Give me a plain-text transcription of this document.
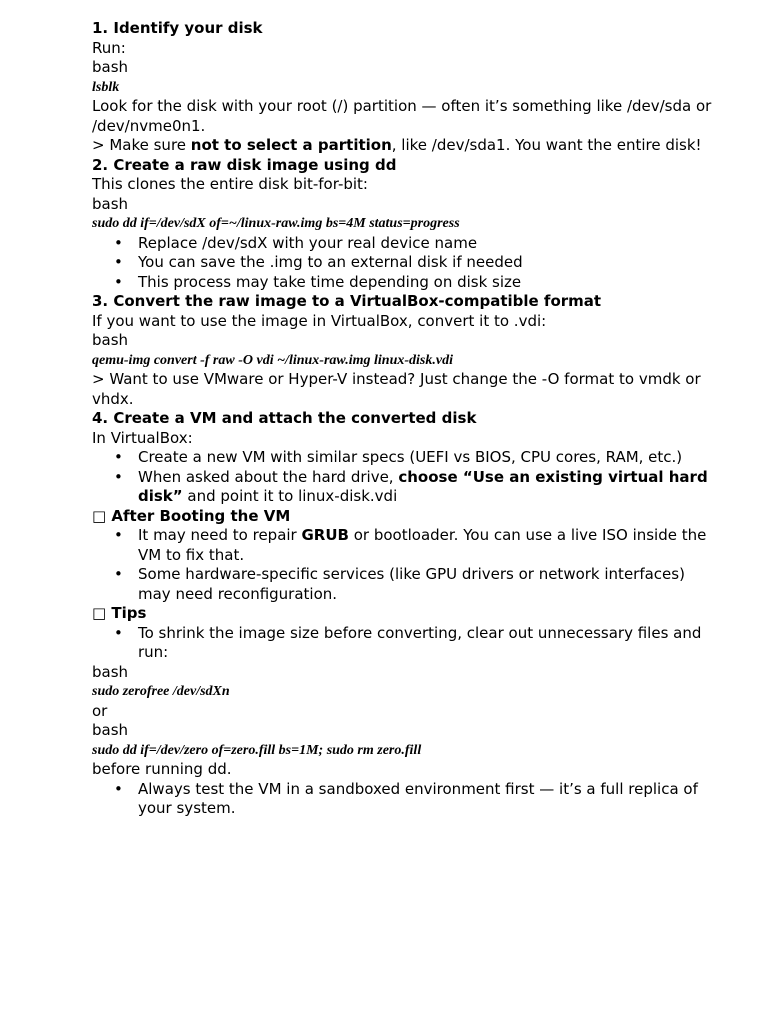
1. Identify your disk

Run:

bash

lsblk

Look for the disk with your root (/) partition — often it’s something like /dev/sda or /dev/nvme0n1.

> Make sure not to select a partition, like /dev/sda1. You want the entire disk!

2. Create a raw disk image using dd

This clones the entire disk bit-for-bit:

bash

sudo dd if=/dev/sdX of=~/linux-raw.img bs=4M status=progress

• Replace /dev/sdX with your real device name
• You can save the .img to an external disk if needed
• This process may take time depending on disk size

3. Convert the raw image to a VirtualBox-compatible format

If you want to use the image in VirtualBox, convert it to .vdi:

bash

qemu-img convert -f raw -O vdi ~/linux-raw.img linux-disk.vdi

> Want to use VMware or Hyper-V instead? Just change the -O format to vmdk or vhdx.

4. Create a VM and attach the converted disk

In VirtualBox:

• Create a new VM with similar specs (UEFI vs BIOS, CPU cores, RAM, etc.)
• When asked about the hard drive, choose “Use an existing virtual hard disk” and point it to linux-disk.vdi

□ After Booting the VM

• It may need to repair GRUB or bootloader. You can use a live ISO inside the VM to fix that.
• Some hardware-specific services (like GPU drivers or network interfaces) may need reconfiguration.

□ Tips

• To shrink the image size before converting, clear out unnecessary files and run:

bash

sudo zerofree /dev/sdXn

or

bash

sudo dd if=/dev/zero of=zero.fill bs=1M; sudo rm zero.fill

before running dd.

• Always test the VM in a sandboxed environment first — it’s a full replica of your system.
